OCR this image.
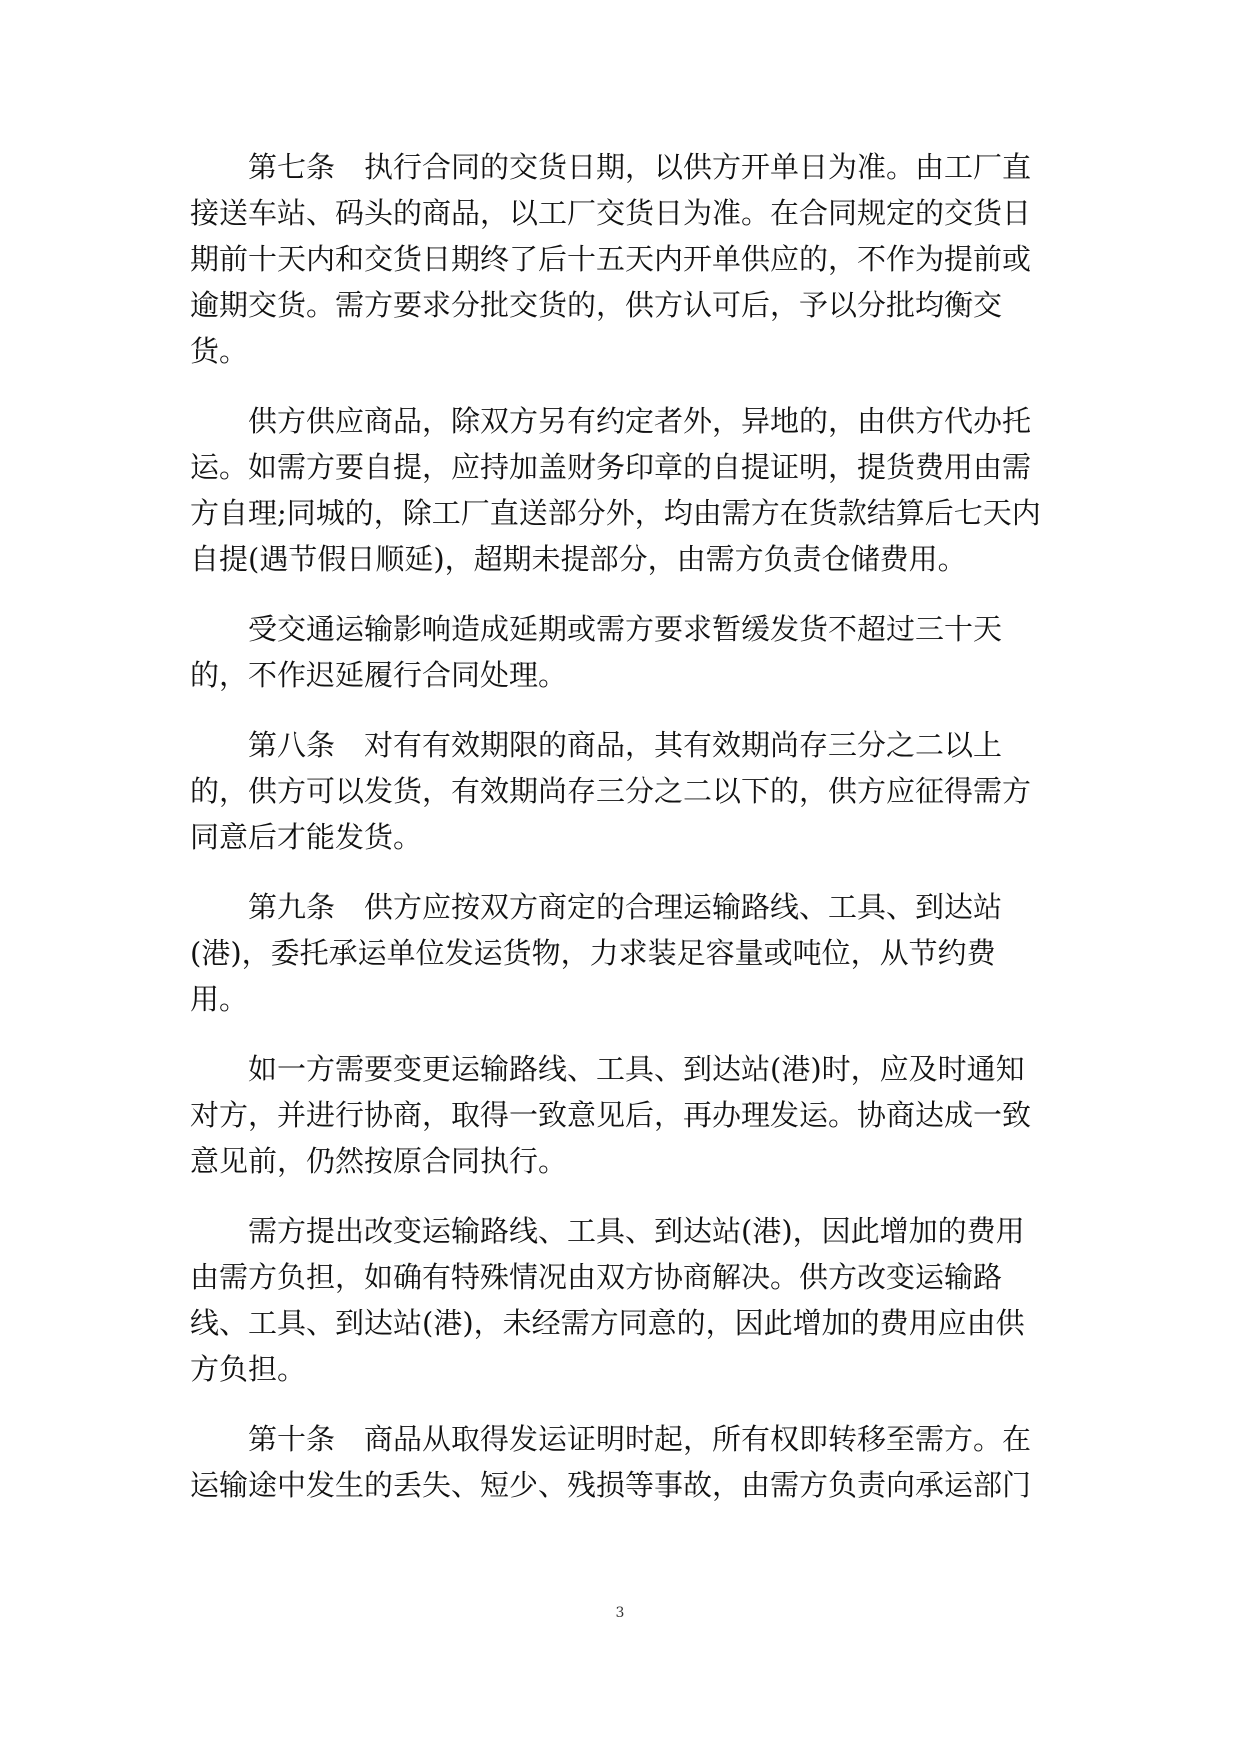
　　第七条　执行合同的交货日期，以供方开单日为准。由工厂直
接送车站、码头的商品，以工厂交货日为准。在合同规定的交货日
期前十天内和交货日期终了后十五天内开单供应的，不作为提前或
逾期交货。需方要求分批交货的，供方认可后，予以分批均衡交
货。

　　供方供应商品，除双方另有约定者外，异地的，由供方代办托
运。如需方要自提，应持加盖财务印章的自提证明，提货费用由需
方自理;同城的，除工厂直送部分外，均由需方在货款结算后七天内
自提(遇节假日顺延)，超期未提部分，由需方负责仓储费用。

　　受交通运输影响造成延期或需方要求暂缓发货不超过三十天
的，不作迟延履行合同处理。

　　第八条　对有有效期限的商品，其有效期尚存三分之二以上
的，供方可以发货，有效期尚存三分之二以下的，供方应征得需方
同意后才能发货。

　　第九条　供方应按双方商定的合理运输路线、工具、到达站
(港)，委托承运单位发运货物，力求装足容量或吨位，从节约费
用。

　　如一方需要变更运输路线、工具、到达站(港)时，应及时通知
对方，并进行协商，取得一致意见后，再办理发运。协商达成一致
意见前，仍然按原合同执行。

　　需方提出改变运输路线、工具、到达站(港)，因此增加的费用
由需方负担，如确有特殊情况由双方协商解决。供方改变运输路
线、工具、到达站(港)，未经需方同意的，因此增加的费用应由供
方负担。

　　第十条　商品从取得发运证明时起，所有权即转移至需方。在
运输途中发生的丢失、短少、残损等事故，由需方负责向承运部门

3
